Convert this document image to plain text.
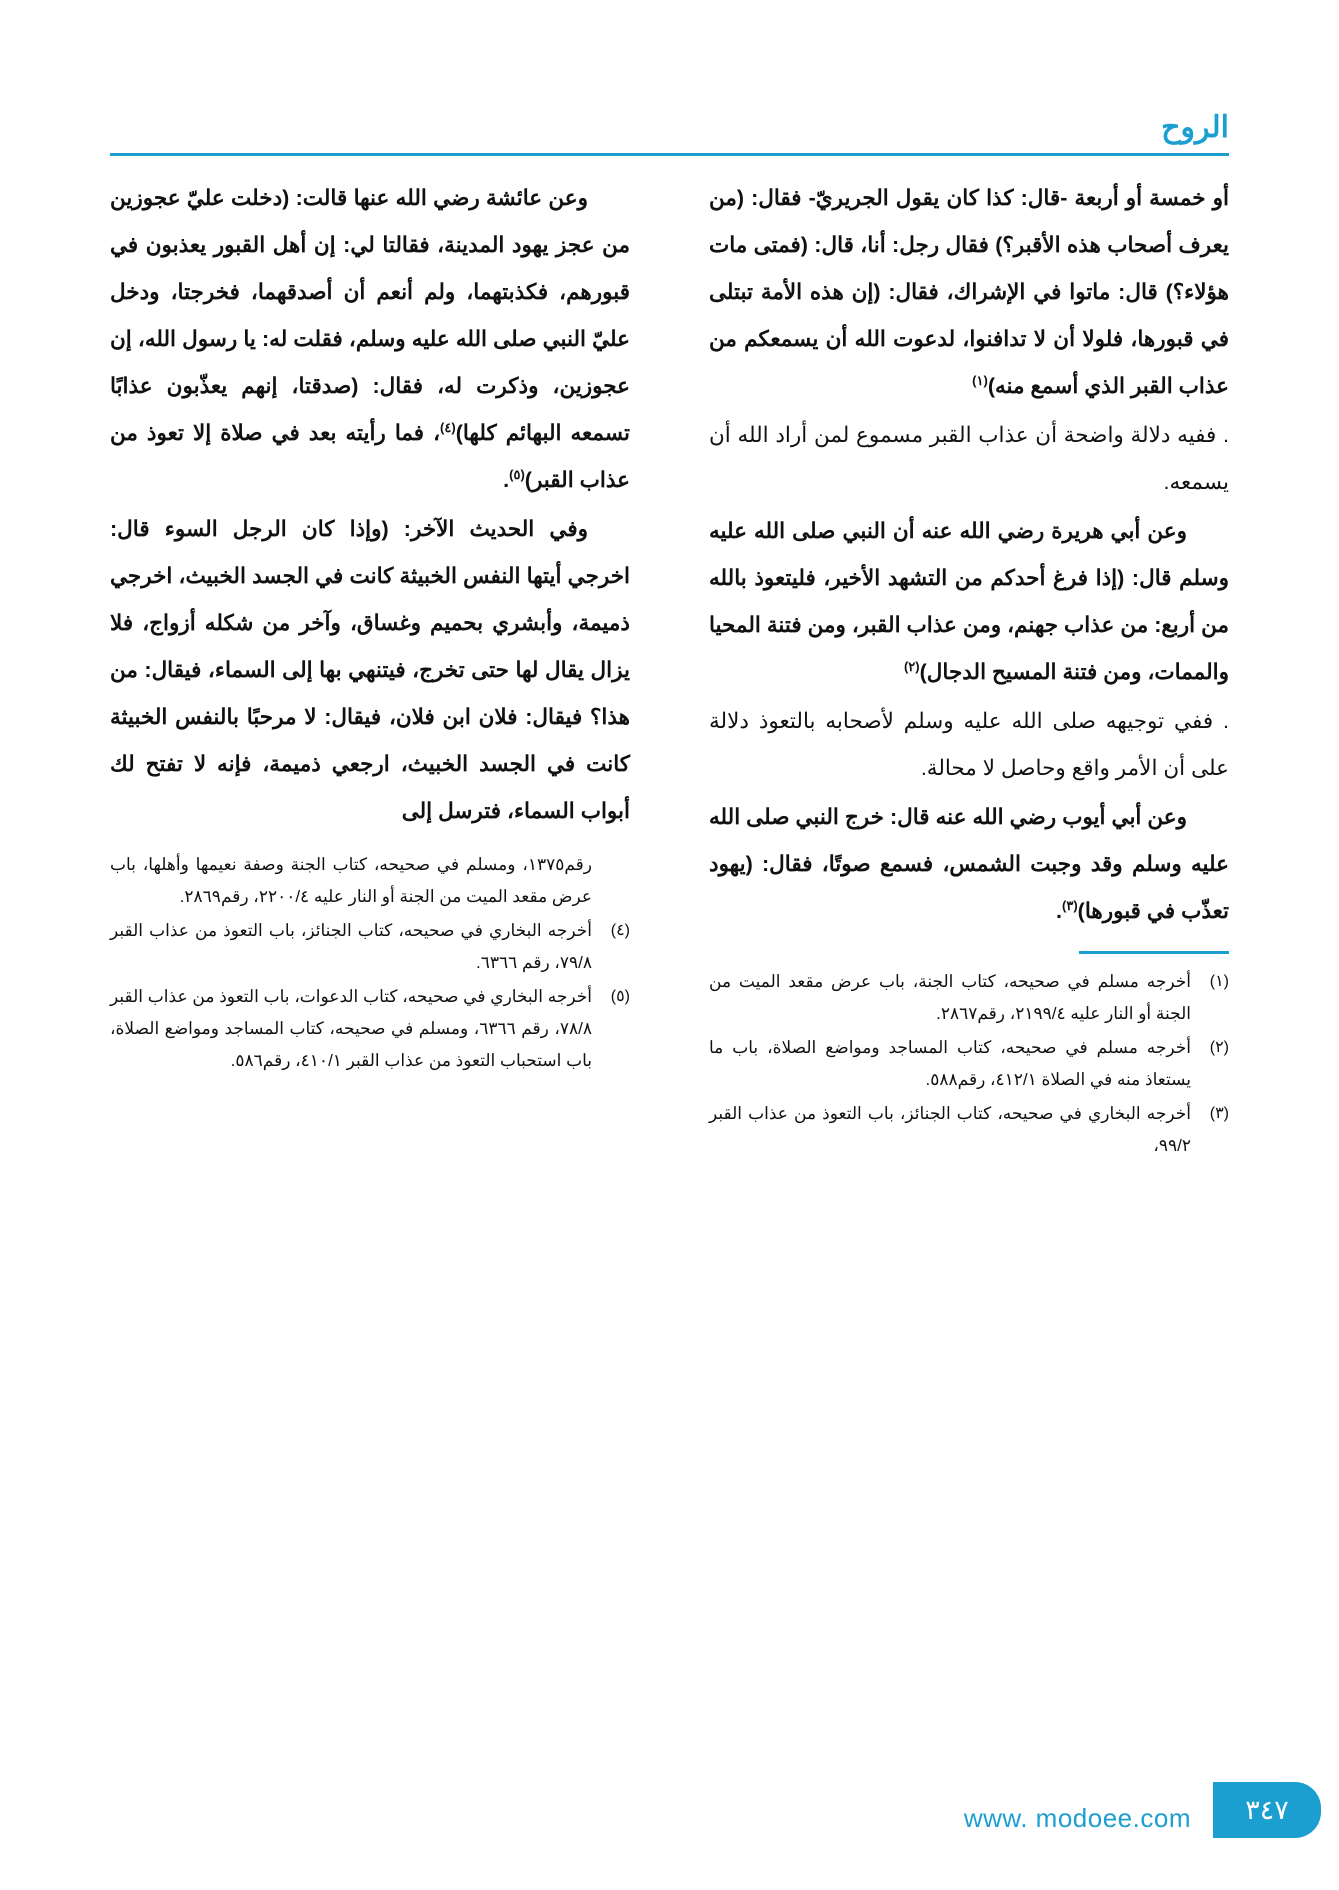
الروح

أو خمسة أو أربعة -قال: كذا كان يقول الجريريّ- فقال: (من يعرف أصحاب هذه الأقبر؟) فقال رجل: أنا، قال: (فمتى مات هؤلاء؟) قال: ماتوا في الإشراك، فقال: (إن هذه الأمة تبتلى في قبورها، فلولا أن لا تدافنوا، لدعوت الله أن يسمعكم من عذاب القبر الذي أسمع منه)$^{(١)}$

. ففيه دلالة واضحة أن عذاب القبر مسموع لمن أراد الله أن يسمعه.

وعن أبي هريرة رضي الله عنه أن النبي صلى الله عليه وسلم قال: (إذا فرغ أحدكم من التشهد الأخير، فليتعوذ بالله من أربع: من عذاب جهنم، ومن عذاب القبر، ومن فتنة المحيا والممات، ومن فتنة المسيح الدجال)$^{(٢)}$

. ففي توجيهه صلى الله عليه وسلم لأصحابه بالتعوذ دلالة على أن الأمر واقع وحاصل لا محالة.

وعن أبي أيوب رضي الله عنه قال: خرج النبي صلى الله عليه وسلم وقد وجبت الشمس، فسمع صوتًا، فقال: (يهود تعذّب في قبورها)$^{(٣)}$.

(١)
أخرجه مسلم في صحيحه، كتاب الجنة، باب عرض مقعد الميت من الجنة أو النار عليه ٢١٩٩/٤، رقم٢٨٦٧.
(٢)
أخرجه مسلم في صحيحه، كتاب المساجد ومواضع الصلاة، باب ما يستعاذ منه في الصلاة ٤١٢/١، رقم٥٨٨.
(٣)
أخرجه البخاري في صحيحه، كتاب الجنائز، باب التعوذ من عذاب القبر ٩٩/٢،

وعن عائشة رضي الله عنها قالت: (دخلت عليّ عجوزين من عجز يهود المدينة، فقالتا لي: إن أهل القبور يعذبون في قبورهم، فكذبتهما، ولم أنعم أن أصدقهما، فخرجتا، ودخل عليّ النبي صلى الله عليه وسلم، فقلت له: يا رسول الله، إن عجوزين، وذكرت له، فقال: (صدقتا، إنهم يعذّبون عذابًا تسمعه البهائم كلها)$^{(٤)}$، فما رأيته بعد في صلاة إلا تعوذ من عذاب القبر)$^{(٥)}$.

وفي الحديث الآخر: (وإذا كان الرجل السوء قال: اخرجي أيتها النفس الخبيثة كانت في الجسد الخبيث، اخرجي ذميمة، وأبشري بحميم وغساق، وآخر من شكله أزواج، فلا يزال يقال لها حتى تخرج، فيتنهي بها إلى السماء، فيقال: من هذا؟ فيقال: فلان ابن فلان، فيقال: لا مرحبًا بالنفس الخبيثة كانت في الجسد الخبيث، ارجعي ذميمة، فإنه لا تفتح لك أبواب السماء، فترسل إلى

رقم١٣٧٥، ومسلم في صحيحه، كتاب الجنة وصفة نعيمها وأهلها، باب عرض مقعد الميت من الجنة أو النار عليه ٢٢٠٠/٤، رقم٢٨٦٩.
(٤)
أخرجه البخاري في صحيحه، كتاب الجنائز، باب التعوذ من عذاب القبر ٧٩/٨، رقم ٦٣٦٦.
(٥)
أخرجه البخاري في صحيحه، كتاب الدعوات، باب التعوذ من عذاب القبر ٧٨/٨، رقم ٦٣٦٦، ومسلم في صحيحه، كتاب المساجد ومواضع الصلاة، باب استحباب التعوذ من عذاب القبر ٤١٠/١، رقم٥٨٦.
٣٤٧
www. modoee.com
